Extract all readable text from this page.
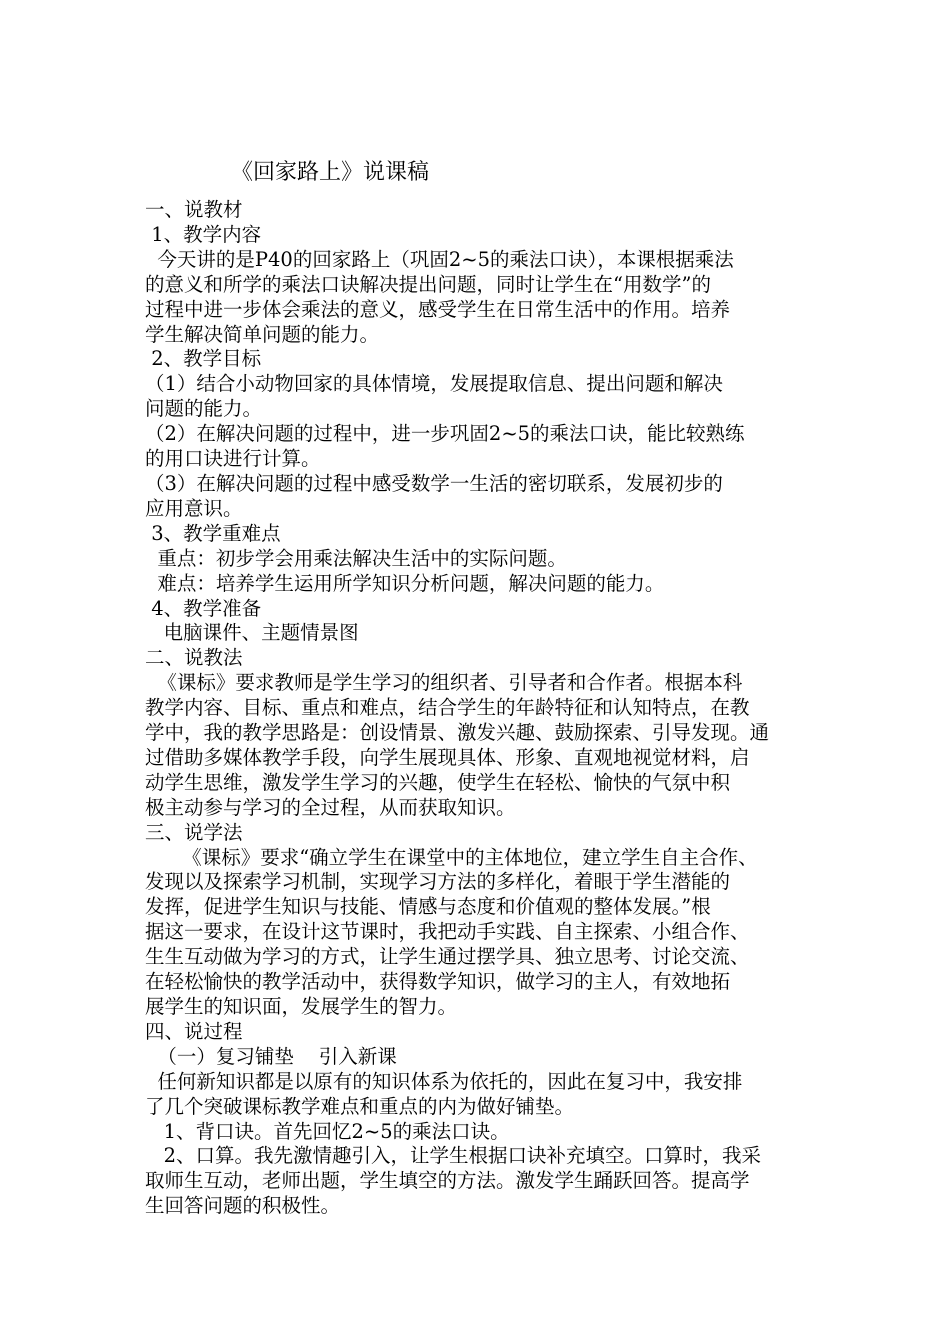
《回家路上》说课稿
一、说教材
1、教学内容
今天讲的是P40的回家路上（巩固2~5的乘法口诀），本课根据乘法
的意义和所学的乘法口诀解决提出问题，同时让学生在“用数学”的
过程中进一步体会乘法的意义，感受学生在日常生活中的作用。培养
学生解决简单问题的能力。
2、教学目标
（1）结合小动物回家的具体情境，发展提取信息、提出问题和解决
问题的能力。
（2）在解决问题的过程中，进一步巩固2~5的乘法口诀，能比较熟练
的用口诀进行计算。
（3）在解决问题的过程中感受数学一生活的密切联系，发展初步的
应用意识。
3、教学重难点
重点：初步学会用乘法解决生活中的实际问题。
难点：培养学生运用所学知识分析问题，解决问题的能力。
4、教学准备
电脑课件、主题情景图
二、说教法
《课标》要求教师是学生学习的组织者、引导者和合作者。根据本科
教学内容、目标、重点和难点，结合学生的年龄特征和认知特点，在教
学中，我的教学思路是：创设情景、激发兴趣、鼓励探索、引导发现。通
过借助多媒体教学手段，向学生展现具体、形象、直观地视觉材料，启
动学生思维，激发学生学习的兴趣，使学生在轻松、愉快的气氛中积
极主动参与学习的全过程，从而获取知识。
三、说学法
《课标》要求“确立学生在课堂中的主体地位，建立学生自主合作、
发现以及探索学习机制，实现学习方法的多样化，着眼于学生潜能的
发挥，促进学生知识与技能、情感与态度和价值观的整体发展。”根
据这一要求，在设计这节课时，我把动手实践、自主探索、小组合作、
生生互动做为学习的方式，让学生通过摆学具、独立思考、讨论交流、
在轻松愉快的教学活动中，获得数学知识，做学习的主人，有效地拓
展学生的知识面，发展学生的智力。
四、说过程
（一）复习铺垫    引入新课
任何新知识都是以原有的知识体系为依托的，因此在复习中，我安排
了几个突破课标教学难点和重点的内为做好铺垫。
1、背口诀。首先回忆2~5的乘法口诀。
2、口算。我先激情趣引入，让学生根据口诀补充填空。口算时，我采
取师生互动，老师出题，学生填空的方法。激发学生踊跃回答。提高学
生回答问题的积极性。
